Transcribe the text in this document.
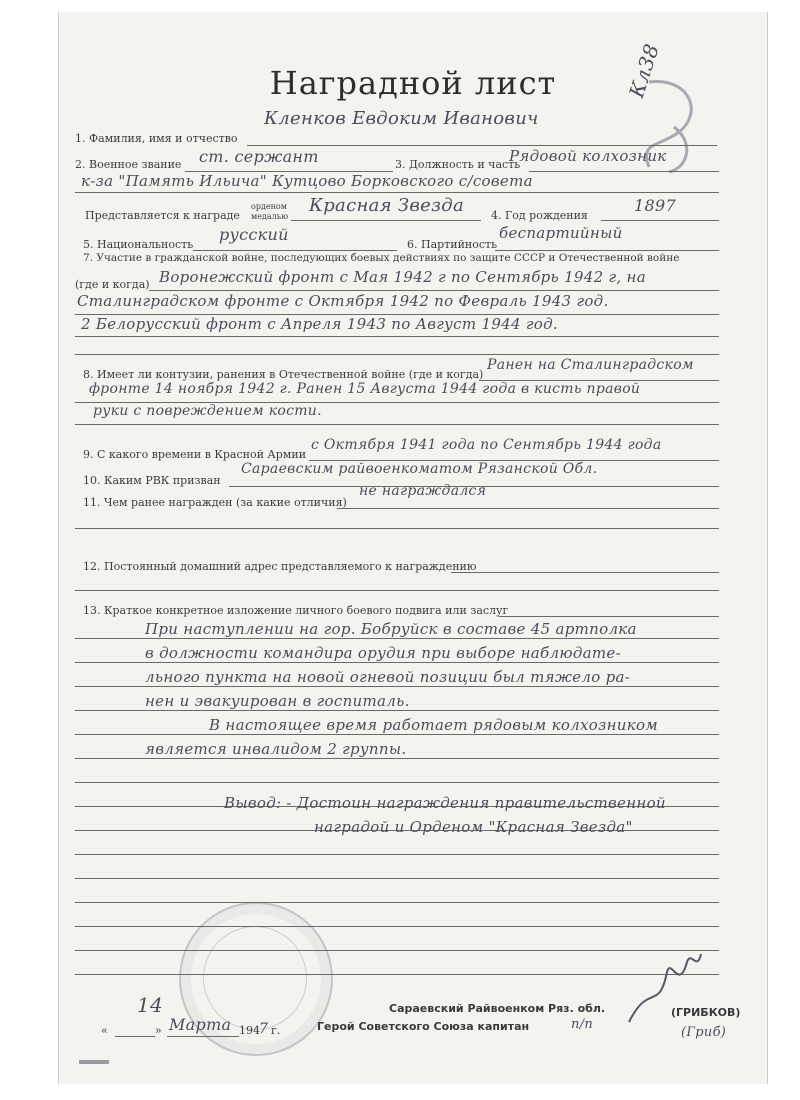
Наградной лист	Кл38
1. Фамилия, имя и отчество
Кленков Евдоким Иванович
2. Военное звание ст. сержант	3. Должность и часть
Рядовой колхозник
к-за "Память Ильича" Кутцово Борковского с/совета
Представляется к награде
орденом
медалью
Красная Звезда 4. Год рождения
1897
5. Национальность
русский
6. Партийность
беспартийный
7. Участие в гражданской войне, последующих боевых действиях по защите СССР и Отечественной войне
(где и когда) Воронежский фронт с Мая 1942 г по Сентябрь 1942 г, на
Сталинградском фронте с Октября 1942 по Февраль 1943 год.
2 Белорусский фронт с Апреля 1943 по Август 1944 год.
8. Имеет ли контузии, ранения в Отечественной войне (где и когда)
Ранен на Сталинградском
фронте 14 ноября 1942 г. Ранен 15 Августа 1944 года в кисть правой
руки с повреждением кости.
9. С какого времени в Красной Армии
с Октября 1941 года по Сентябрь 1944 года
10. Каким РВК призван
Сараевским райвоенкоматом Рязанской Обл.
11. Чем ранее награжден (за какие отличия)
не награждался
12. Постоянный домашний адрес представляемого к награждению
13. Краткое конкретное изложение личного боевого подвига или заслуг
При наступлении на гор. Бобруйск в составе 45 артполка
в должности командира орудия при выборе наблюдате-
льного пункта на новой огневой позиции был тяжело ра-
нен и эвакуирован в госпиталь.
В настоящее время работает рядовым колхозником
является инвалидом 2 группы.
Вывод: - Достоин награждения правительственной
наградой и Орденом "Красная Звезда"
14
«	» Марта 194 7 г.
Сараевский Райвоенком Ряз. обл.
Герой Советского Союза капитан	п/п
(ГРИБКОВ)
(Гриб)
